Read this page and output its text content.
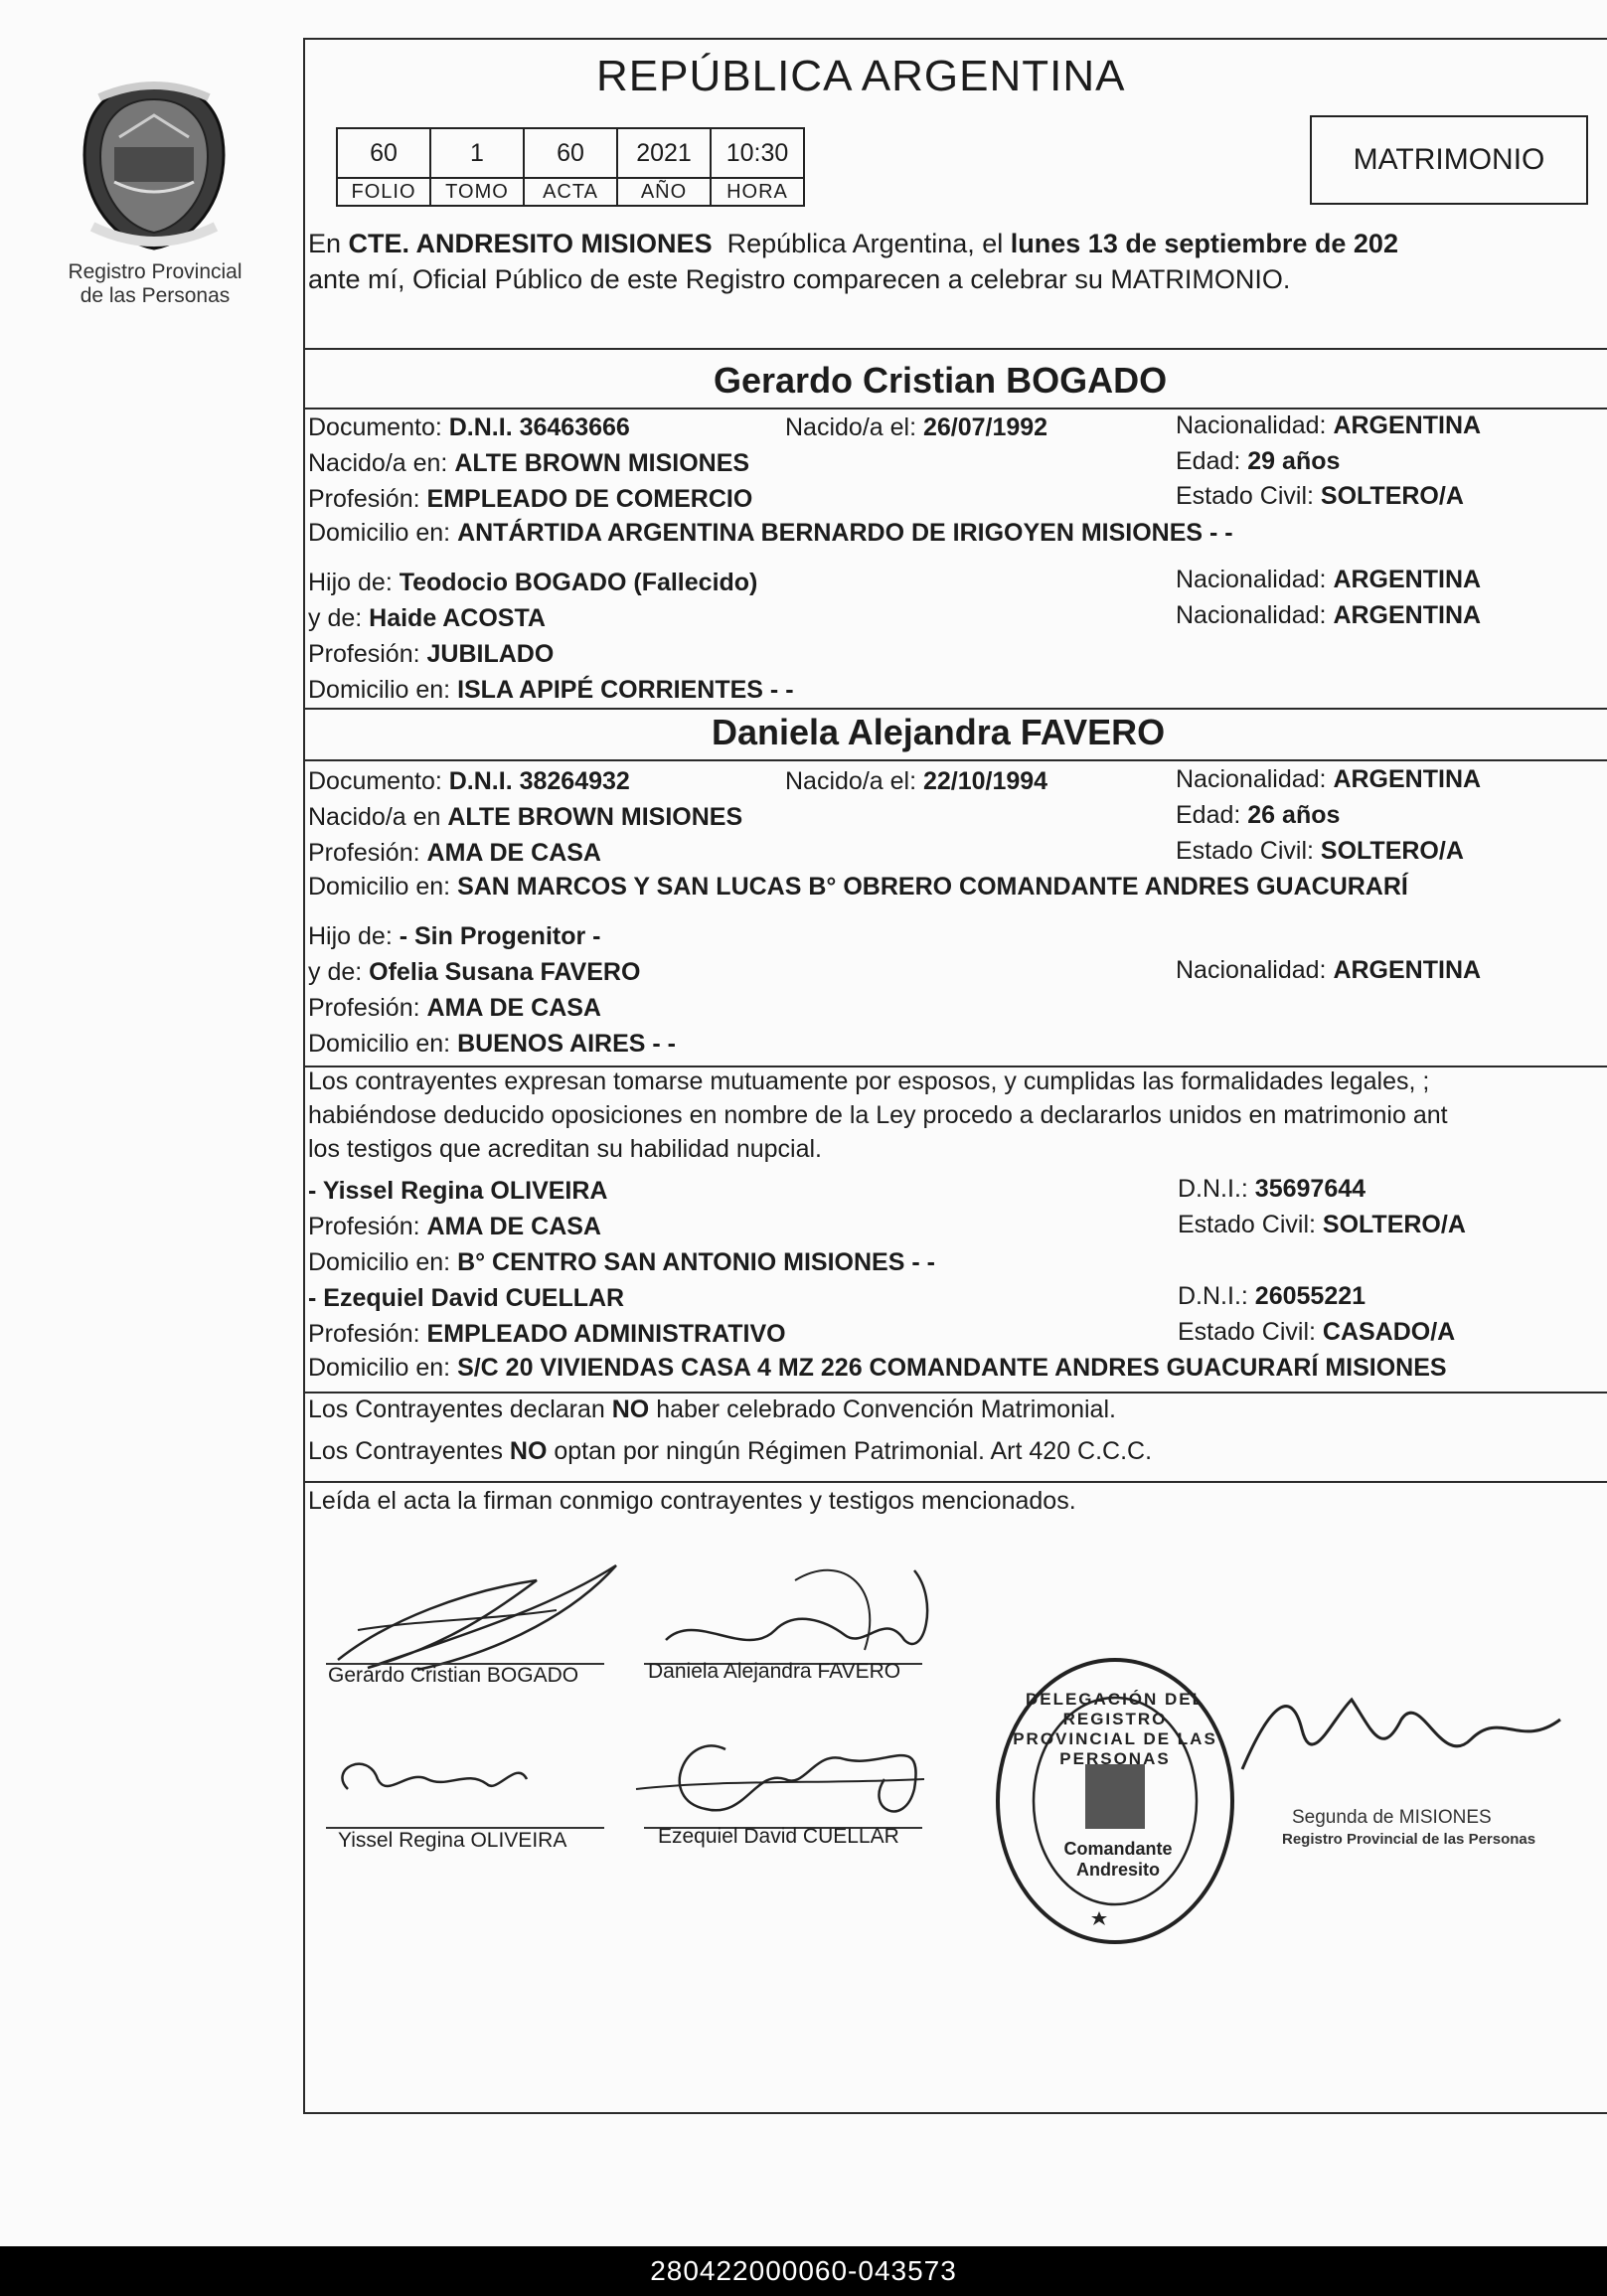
Registro Provincial
de las Personas
REPÚBLICA ARGENTINA
60	1	60	2021	10:30
FOLIO	TOMO	ACTA	AÑO	HORA
MATRIMONIO
En CTE. ANDRESITO MISIONES  República Argentina, el lunes 13 de septiembre de 202
ante mí, Oficial Público de este Registro comparecen a celebrar su MATRIMONIO.
Gerardo Cristian BOGADO
Documento: D.N.I. 36463666	Nacido/a el: 26/07/1992	Nacionalidad: ARGENTINA
Nacido/a en: ALTE BROWN MISIONES	Edad: 29 años
Profesión: EMPLEADO DE COMERCIO	Estado Civil: SOLTERO/A
Domicilio en: ANTÁRTIDA ARGENTINA BERNARDO DE IRIGOYEN MISIONES - -
Hijo de: Teodocio BOGADO (Fallecido)	Nacionalidad: ARGENTINA
y de: Haide ACOSTA	Nacionalidad: ARGENTINA
Profesión: JUBILADO
Domicilio en: ISLA APIPÉ CORRIENTES - -
Daniela Alejandra FAVERO
Documento: D.N.I. 38264932	Nacido/a el: 22/10/1994	Nacionalidad: ARGENTINA
Nacido/a en ALTE BROWN MISIONES	Edad: 26 años
Profesión: AMA DE CASA	Estado Civil: SOLTERO/A
Domicilio en: SAN MARCOS Y SAN LUCAS B° OBRERO COMANDANTE ANDRES GUACURARÍ
Hijo de: - Sin Progenitor -
y de: Ofelia Susana FAVERO	Nacionalidad: ARGENTINA
Profesión: AMA DE CASA
Domicilio en: BUENOS AIRES - -
Los contrayentes expresan tomarse mutuamente por esposos, y cumplidas las formalidades legales, ;
habiéndose deducido oposiciones en nombre de la Ley procedo a declararlos unidos en matrimonio ant
los testigos que acreditan su habilidad nupcial.
- Yissel Regina OLIVEIRA	D.N.I.: 35697644
Profesión: AMA DE CASA	Estado Civil: SOLTERO/A
Domicilio en: B° CENTRO SAN ANTONIO MISIONES - -
- Ezequiel David CUELLAR	D.N.I.: 26055221
Profesión: EMPLEADO ADMINISTRATIVO	Estado Civil: CASADO/A
Domicilio en: S/C 20 VIVIENDAS CASA 4 MZ 226 COMANDANTE ANDRES GUACURARÍ MISIONES
Los Contrayentes declaran NO haber celebrado Convención Matrimonial.
Los Contrayentes NO optan por ningún Régimen Patrimonial. Art 420 C.C.C.
Leída el acta la firman conmigo contrayentes y testigos mencionados.
Gerardo Cristian BOGADO	Daniela Alejandra FAVERO
Yissel Regina OLIVEIRA	Ezequiel David CUELLAR
DELEGACIÓN DEL REGISTRO PROVINCIAL DE LAS PERSONAS
Comandante Andresito
Segunda de MISIONES
Registro Provincial de las Personas
280422000060-043573
